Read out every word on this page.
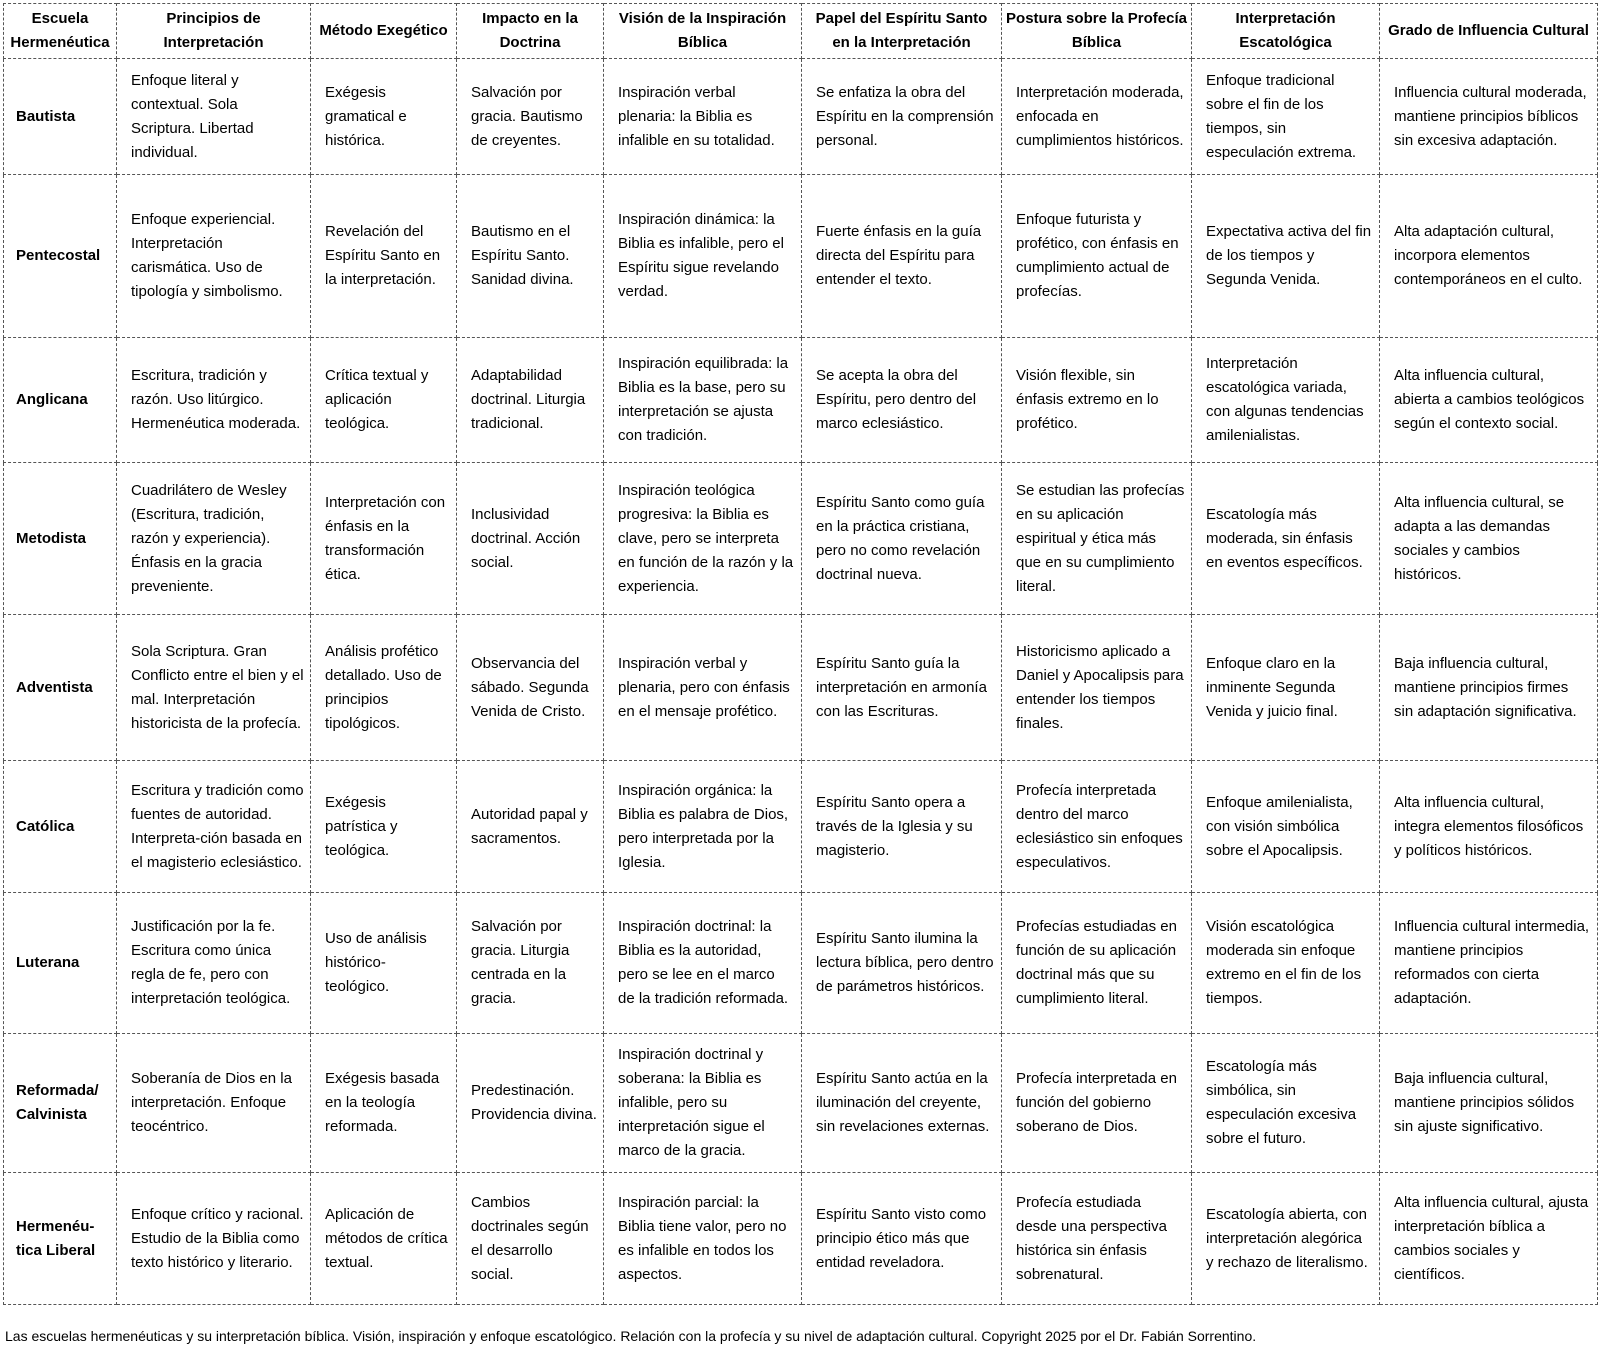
Escuela Hermenéutica	Principios de Interpretación	Método Exegético	Impacto en la Doctrina	Visión de la Inspiración Bíblica	Papel del Espíritu Santo en la Interpretación	Postura sobre la Profecía Bíblica	Interpretación Escatológica	Grado de Influencia Cultural
Bautista	Enfoque literal y contextual. Sola Scriptura. Libertad individual.	Exégesis gramatical e histórica.	Salvación por gracia. Bautismo de creyentes.	Inspiración verbal plenaria: la Biblia es infalible en su totalidad.	Se enfatiza la obra del Espíritu en la comprensión personal.	Interpretación moderada, enfocada en cumplimientos históricos.	Enfoque tradicional sobre el fin de los tiempos, sin especulación extrema.	Influencia cultural moderada, mantiene principios bíblicos sin excesiva adaptación.
Pentecostal	Enfoque experiencial. Interpretación carismática. Uso de tipología y simbolismo.	Revelación del Espíritu Santo en la interpretación.	Bautismo en el Espíritu Santo. Sanidad divina.	Inspiración dinámica: la Biblia es infalible, pero el Espíritu sigue revelando verdad.	Fuerte énfasis en la guía directa del Espíritu para entender el texto.	Enfoque futurista y profético, con énfasis en cumplimiento actual de profecías.	Expectativa activa del fin de los tiempos y Segunda Venida.	Alta adaptación cultural, incorpora elementos contemporáneos en el culto.
Anglicana	Escritura, tradición y razón. Uso litúrgico. Hermenéutica moderada.	Crítica textual y aplicación teológica.	Adaptabilidad doctrinal. Liturgia tradicional.	Inspiración equilibrada: la Biblia es la base, pero su interpretación se ajusta con tradición.	Se acepta la obra del Espíritu, pero dentro del marco eclesiástico.	Visión flexible, sin énfasis extremo en lo profético.	Interpretación escatológica variada, con algunas tendencias amilenialistas.	Alta influencia cultural, abierta a cambios teológicos según el contexto social.
Metodista	Cuadrilátero de Wesley (Escritura, tradición, razón y experiencia). Énfasis en la gracia preveniente.	Interpretación con énfasis en la transformación ética.	Inclusividad doctrinal. Acción social.	Inspiración teológica progresiva: la Biblia es clave, pero se interpreta en función de la razón y la experiencia.	Espíritu Santo como guía en la práctica cristiana, pero no como revelación doctrinal nueva.	Se estudian las profecías en su aplicación espiritual y ética más que en su cumplimiento literal.	Escatología más moderada, sin énfasis en eventos específicos.	Alta influencia cultural, se adapta a las demandas sociales y cambios históricos.
Adventista	Sola Scriptura. Gran Conflicto entre el bien y el mal. Interpretación historicista de la profecía.	Análisis profético detallado. Uso de principios tipológicos.	Observancia del sábado. Segunda Venida de Cristo.	Inspiración verbal y plenaria, pero con énfasis en el mensaje profético.	Espíritu Santo guía la interpretación en armonía con las Escrituras.	Historicismo aplicado a Daniel y Apocalipsis para entender los tiempos finales.	Enfoque claro en la inminente Segunda Venida y juicio final.	Baja influencia cultural, mantiene principios firmes sin adaptación significativa.
Católica	Escritura y tradición como fuentes de autoridad. Interpreta-ción basada en el magisterio eclesiástico.	Exégesis patrística y teológica.	Autoridad papal y sacramentos.	Inspiración orgánica: la Biblia es palabra de Dios, pero interpretada por la Iglesia.	Espíritu Santo opera a través de la Iglesia y su magisterio.	Profecía interpretada dentro del marco eclesiástico sin enfoques especulativos.	Enfoque amilenialista, con visión simbólica sobre el Apocalipsis.	Alta influencia cultural, integra elementos filosóficos y políticos históricos.
Luterana	Justificación por la fe. Escritura como única regla de fe, pero con interpretación teológica.	Uso de análisis histórico-teológico.	Salvación por gracia. Liturgia centrada en la gracia.	Inspiración doctrinal: la Biblia es la autoridad, pero se lee en el marco de la tradición reformada.	Espíritu Santo ilumina la lectura bíblica, pero dentro de parámetros históricos.	Profecías estudiadas en función de su aplicación doctrinal más que su cumplimiento literal.	Visión escatológica moderada sin enfoque extremo en el fin de los tiempos.	Influencia cultural intermedia, mantiene principios reformados con cierta adaptación.
Reformada/ Calvinista	Soberanía de Dios en la interpretación. Enfoque teocéntrico.	Exégesis basada en la teología reformada.	Predestinación. Providencia divina.	Inspiración doctrinal y soberana: la Biblia es infalible, pero su interpretación sigue el marco de la gracia.	Espíritu Santo actúa en la iluminación del creyente, sin revelaciones externas.	Profecía interpretada en función del gobierno soberano de Dios.	Escatología más simbólica, sin especulación excesiva sobre el futuro.	Baja influencia cultural, mantiene principios sólidos sin ajuste significativo.
Hermenéu-tica Liberal	Enfoque crítico y racional. Estudio de la Biblia como texto histórico y literario.	Aplicación de métodos de crítica textual.	Cambios doctrinales según el desarrollo social.	Inspiración parcial: la Biblia tiene valor, pero no es infalible en todos los aspectos.	Espíritu Santo visto como principio ético más que entidad reveladora.	Profecía estudiada desde una perspectiva histórica sin énfasis sobrenatural.	Escatología abierta, con interpretación alegórica y rechazo de literalismo.	Alta influencia cultural, ajusta interpretación bíblica a cambios sociales y científicos.
Las escuelas hermenéuticas y su interpretación bíblica. Visión, inspiración y enfoque escatológico. Relación con la profecía y su nivel de adaptación cultural. Copyright 2025 por el Dr. Fabián Sorrentino.
